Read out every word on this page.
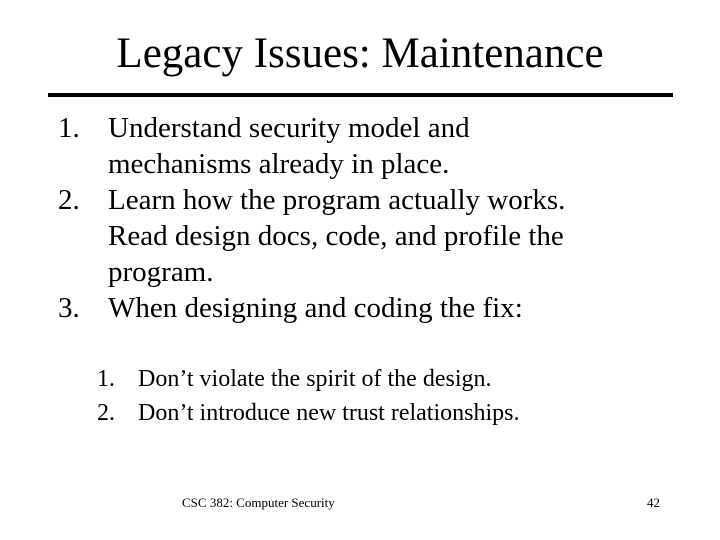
Legacy Issues: Maintenance
1. Understand security model and
mechanisms already in place.
2. Learn how the program actually works.
Read design docs, code, and profile the
program.
3. When designing and coding the fix:
1. Don’t violate the spirit of the design.
2. Don’t introduce new trust relationships.
CSC 382: Computer Security	42
